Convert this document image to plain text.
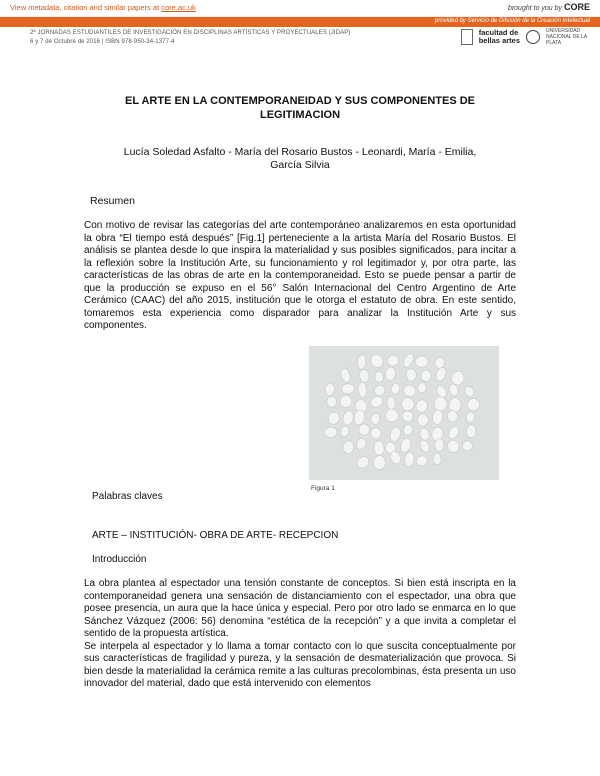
View metadata, citation and similar papers at core.ac.uk	brought to you by CORE
provided by Servicio de Difusión de la Creación Intelectual
2ª JORNADAS ESTUDIANTILES DE INVESTIGACIÓN EN DISCIPLINAS ARTÍSTICAS Y PROYECTUALES (JIDAP)
6 y 7 de Octubre de 2016 | ISBN 978-950-34-1377-4
facultad de
bellas artes
UNIVERSIDAD NACIONAL DE LA PLATA
EL ARTE EN LA CONTEMPORANEIDAD Y SUS COMPONENTES DE
LEGITIMACION
Lucía Soledad Asfalto - María del Rosario Bustos - Leonardi, María - Emilia,
García Silvia
Resumen
Con motivo de revisar las categorías del arte contemporáneo analizaremos en esta oportunidad la obra “El tiempo está después” [Fig.1] perteneciente a la artista María del Rosario Bustos. El análisis se plantea desde lo que inspira la materialidad y sus posibles significados, para incitar a la reflexión sobre la Institución Arte, su funcionamiento y rol legitimador y, por otra parte, las características de las obras de arte en la contemporaneidad. Esto se puede pensar a partir de que la producción se expuso en el 56° Salón Internacional del Centro Argentino de Arte Cerámico (CAAC) del año 2015, institución que le otorga el estatuto de obra. En este sentido, tomaremos esta experiencia como disparador para analizar la Institución Arte y sus componentes.
Figura 1
Palabras claves
ARTE – INSTITUCIÓN- OBRA DE ARTE- RECEPCION
Introducción

La obra plantea al espectador una tensión constante de conceptos. Si bien está inscripta en la contemporaneidad genera una sensación de distanciamiento con el espectador, una obra que posee presencia, un aura que la hace única y especial. Pero por otro lado se enmarca en lo que Sánchez Vázquez (2006: 56) denomina “estética de la recepción” y a que invita a completar el sentido de la propuesta artística.

Se interpela al espectador y lo llama a tomar contacto con lo que suscita conceptualmente por sus características de fragilidad y pureza, y la sensación de desmaterialización que provoca. Si bien desde la materialidad la cerámica remite a las culturas precolombinas, ésta presenta un uso innovador del material, dado que está intervenido con elementos
